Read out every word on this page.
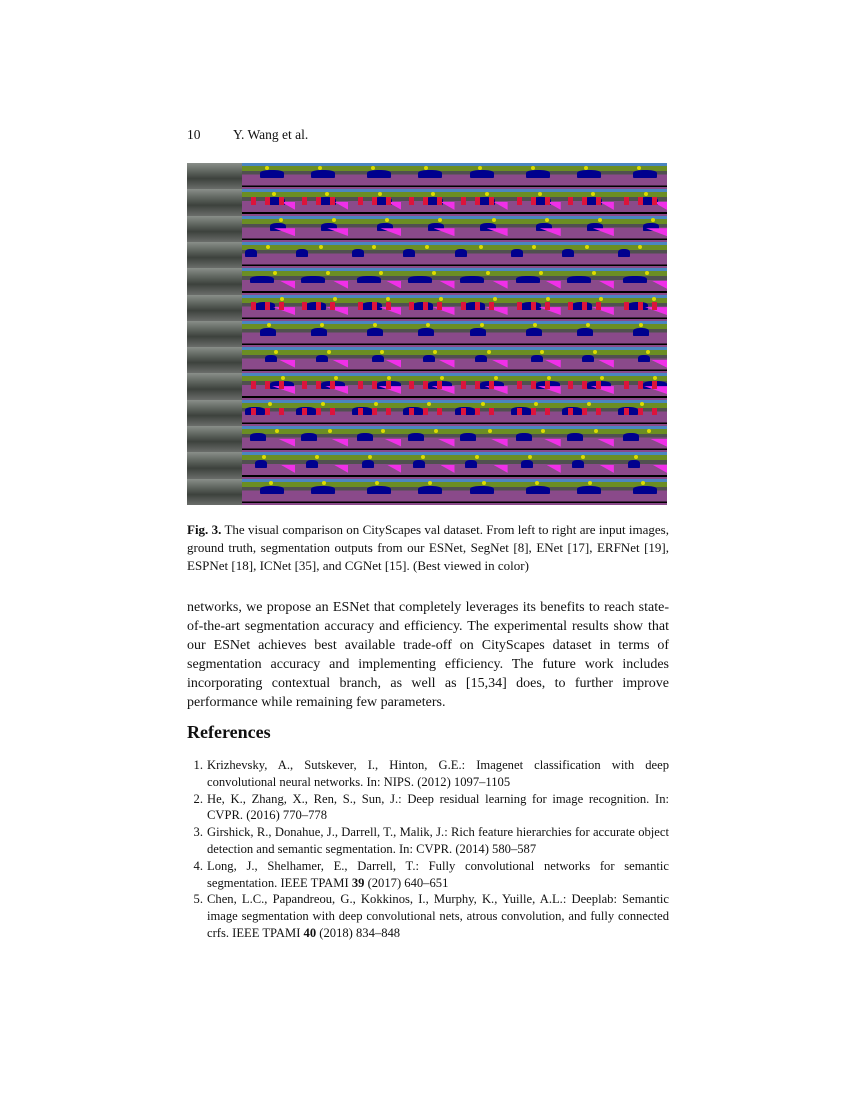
10 Y. Wang et al.
Fig. 3. The visual comparison on CityScapes val dataset. From left to right are input images, ground truth, segmentation outputs from our ESNet, SegNet [8], ENet [17], ERFNet [19], ESPNet [18], ICNet [35], and CGNet [15]. (Best viewed in color)

networks, we propose an ESNet that completely leverages its benefits to reach state-of-the-art segmentation accuracy and efficiency. The experimental results show that our ESNet achieves best available trade-off on CityScapes dataset in terms of segmentation accuracy and implementing efficiency. The future work includes incorporating contextual branch, as well as [15,34] does, to further improve performance while remaining few parameters.

References
1. Krizhevsky, A., Sutskever, I., Hinton, G.E.: Imagenet classification with deep convolutional neural networks. In: NIPS. (2012) 1097–1105
2. He, K., Zhang, X., Ren, S., Sun, J.: Deep residual learning for image recognition. In: CVPR. (2016) 770–778
3. Girshick, R., Donahue, J., Darrell, T., Malik, J.: Rich feature hierarchies for accurate object detection and semantic segmentation. In: CVPR. (2014) 580–587
4. Long, J., Shelhamer, E., Darrell, T.: Fully convolutional networks for semantic segmentation. IEEE TPAMI 39 (2017) 640–651
5. Chen, L.C., Papandreou, G., Kokkinos, I., Murphy, K., Yuille, A.L.: Deeplab: Semantic image segmentation with deep convolutional nets, atrous convolution, and fully connected crfs. IEEE TPAMI 40 (2018) 834–848
